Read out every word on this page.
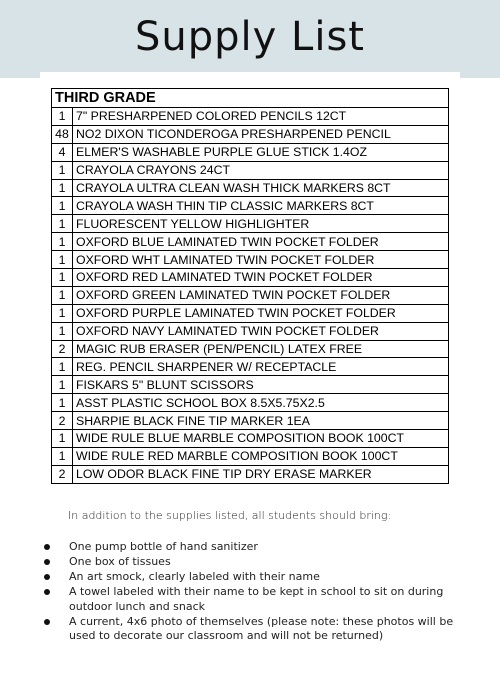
Supply List
THIRD GRADE	
1	7" PRESHARPENED COLORED PENCILS 12CT
48	NO2 DIXON TICONDEROGA PRESHARPENED PENCIL
4	ELMER'S WASHABLE PURPLE GLUE STICK 1.4OZ
1	CRAYOLA CRAYONS 24CT
1	CRAYOLA ULTRA CLEAN WASH THICK MARKERS 8CT
1	CRAYOLA WASH THIN TIP CLASSIC MARKERS 8CT
1	FLUORESCENT YELLOW HIGHLIGHTER
1	OXFORD BLUE LAMINATED TWIN POCKET FOLDER
1	OXFORD WHT LAMINATED TWIN POCKET FOLDER
1	OXFORD RED LAMINATED TWIN POCKET FOLDER
1	OXFORD GREEN LAMINATED TWIN POCKET FOLDER
1	OXFORD PURPLE LAMINATED TWIN POCKET FOLDER
1	OXFORD NAVY LAMINATED TWIN POCKET FOLDER
2	MAGIC RUB ERASER (PEN/PENCIL) LATEX FREE
1	REG. PENCIL SHARPENER W/ RECEPTACLE
1	FISKARS 5" BLUNT SCISSORS
1	ASST PLASTIC SCHOOL BOX 8.5X5.75X2.5
2	SHARPIE BLACK FINE TIP MARKER 1EA
1	WIDE RULE BLUE MARBLE COMPOSITION BOOK 100CT
1	WIDE RULE RED MARBLE COMPOSITION BOOK 100CT
2	LOW ODOR BLACK FINE TIP DRY ERASE MARKER

In addition to the supplies listed, all students should bring:

One pump bottle of hand sanitizer
One box of tissues
An art smock, clearly labeled with their name
A towel labeled with their name to be kept in school to sit on during outdoor lunch and snack
A current, 4x6 photo of themselves (please note: these photos will be used to decorate our classroom and will not be returned)
